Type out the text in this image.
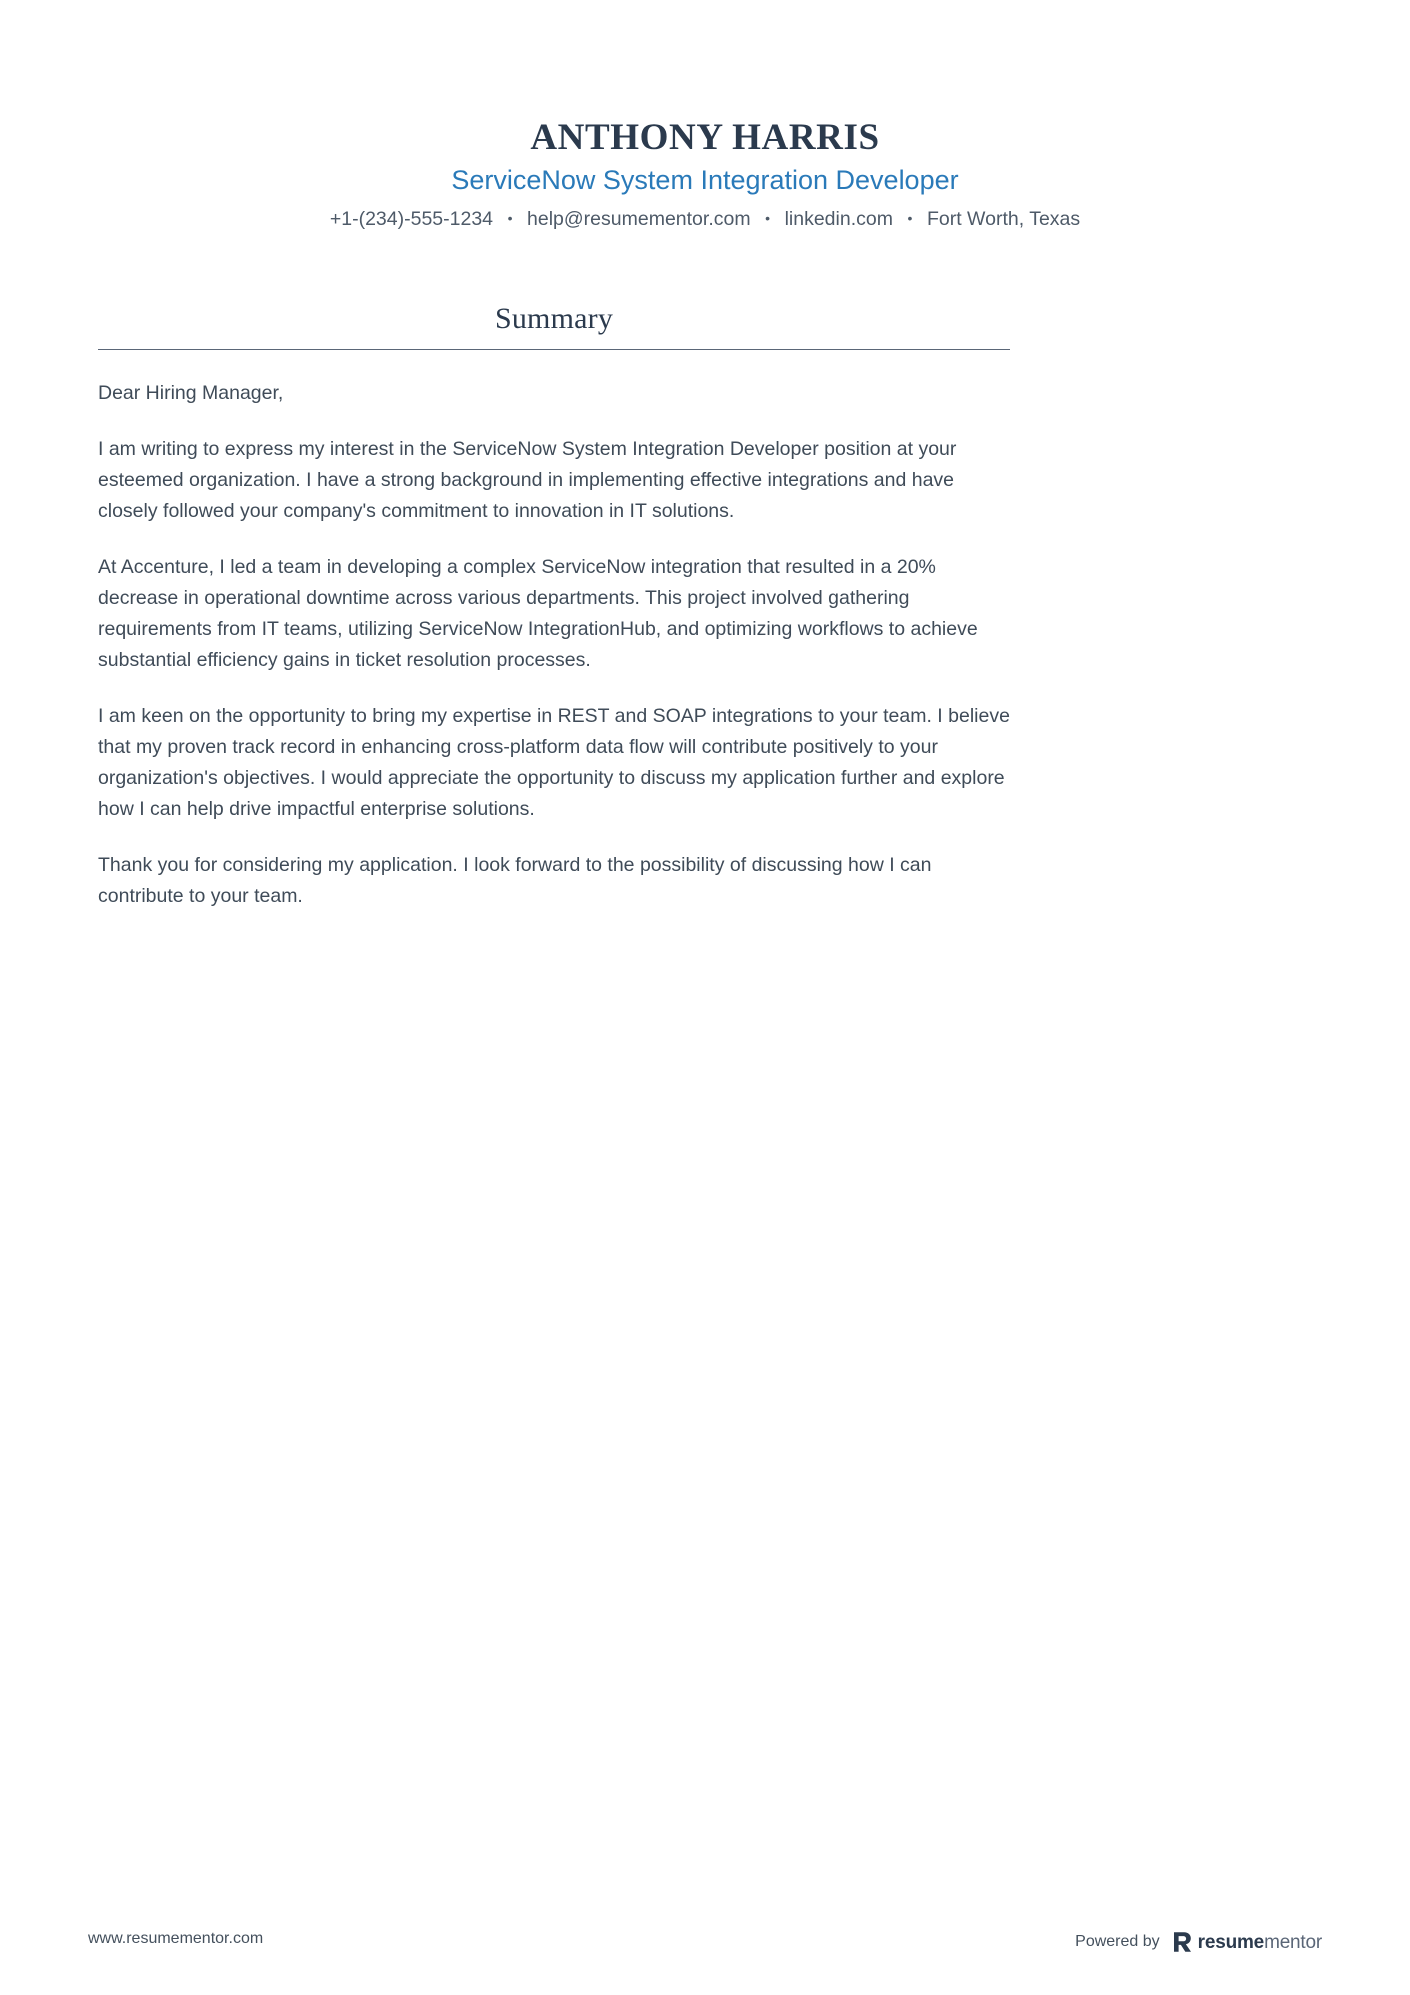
ANTHONY HARRIS
ServiceNow System Integration Developer
+1-(234)-555-1234	• help@resumementor.com	• linkedin.com	• Fort Worth, Texas
Summary

Dear Hiring Manager,

I am writing to express my interest in the ServiceNow System Integration Developer position at your esteemed organization. I have a strong background in implementing effective integrations and have closely followed your company's commitment to innovation in IT solutions.

At Accenture, I led a team in developing a complex ServiceNow integration that resulted in a 20% decrease in operational downtime across various departments. This project involved gathering requirements from IT teams, utilizing ServiceNow IntegrationHub, and optimizing workflows to achieve substantial efficiency gains in ticket resolution processes.

I am keen on the opportunity to bring my expertise in REST and SOAP integrations to your team. I believe that my proven track record in enhancing cross-platform data flow will contribute positively to your organization's objectives. I would appreciate the opportunity to discuss my application further and explore how I can help drive impactful enterprise solutions.

Thank you for considering my application. I look forward to the possibility of discussing how I can contribute to your team.

www.resumementor.com	Powered by resumementor
